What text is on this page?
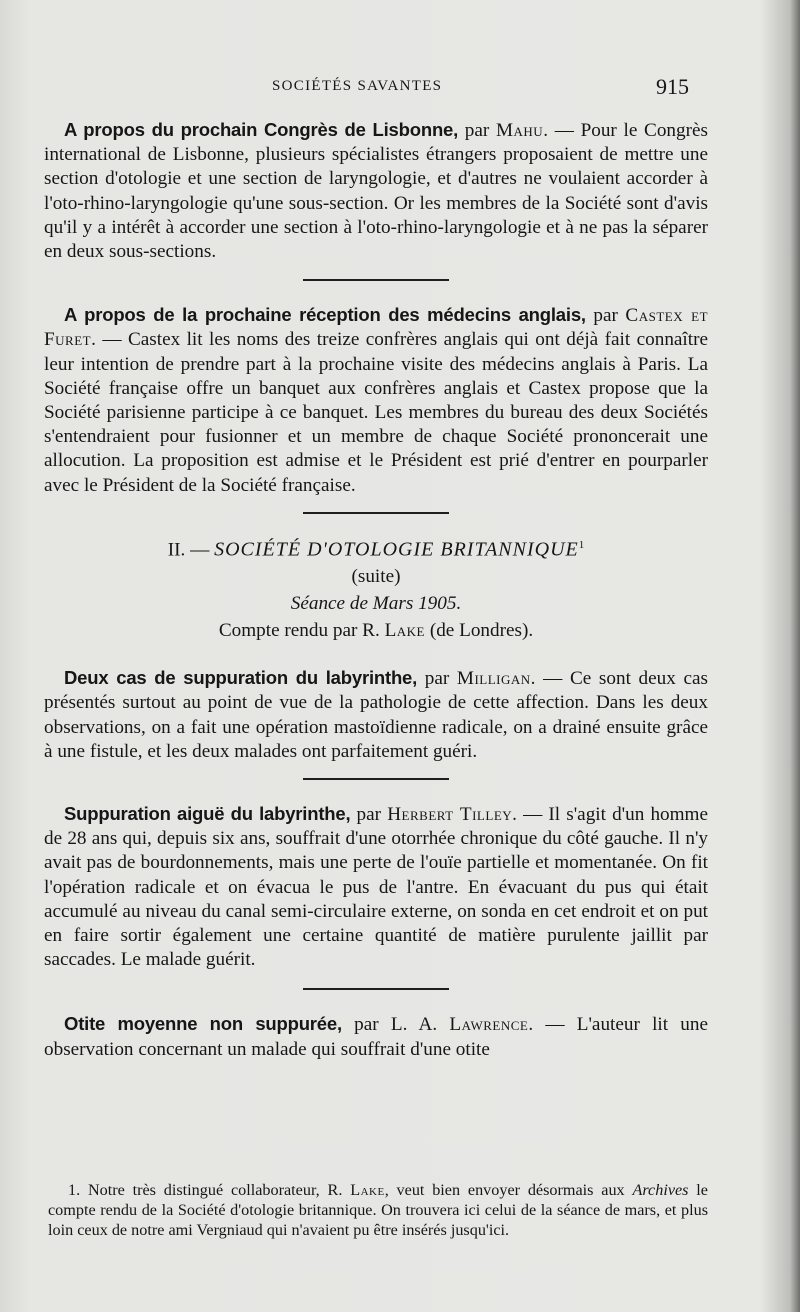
SOCIÉTÉS SAVANTES	915

A propos du prochain Congrès de Lisbonne, par Mahu. — Pour le Congrès international de Lisbonne, plusieurs spécialistes étrangers proposaient de mettre une section d'otologie et une section de laryngologie, et d'autres ne voulaient accorder à l'oto-rhino-laryngologie qu'une sous-section. Or les membres de la Société sont d'avis qu'il y a intérêt à accorder une section à l'oto-rhino-laryngologie et à ne pas la séparer en deux sous-sections.

A propos de la prochaine réception des médecins anglais, par Castex et Furet. — Castex lit les noms des treize confrères anglais qui ont déjà fait connaître leur intention de prendre part à la prochaine visite des médecins anglais à Paris. La Société française offre un banquet aux confrères anglais et Castex propose que la Société parisienne participe à ce banquet. Les membres du bureau des deux Sociétés s'entendraient pour fusionner et un membre de chaque Société prononcerait une allocution. La proposition est admise et le Président est prié d'entrer en pourparler avec le Président de la Société française.

II. — SOCIÉTÉ D'OTOLOGIE BRITANNIQUE$^1$
(suite)
Séance de Mars 1905.
Compte rendu par R. Lake (de Londres).

Deux cas de suppuration du labyrinthe, par Milligan. — Ce sont deux cas présentés surtout au point de vue de la pathologie de cette affection. Dans les deux observations, on a fait une opération mastoïdienne radicale, on a drainé ensuite grâce à une fistule, et les deux malades ont parfaitement guéri.

Suppuration aiguë du labyrinthe, par Herbert Tilley. — Il s'agit d'un homme de 28 ans qui, depuis six ans, souffrait d'une otorrhée chronique du côté gauche. Il n'y avait pas de bourdonnements, mais une perte de l'ouïe partielle et momentanée. On fit l'opération radicale et on évacua le pus de l'antre. En évacuant du pus qui était accumulé au niveau du canal semi-circulaire externe, on sonda en cet endroit et on put en faire sortir également une certaine quantité de matière purulente jaillit par saccades. Le malade guérit.

Otite moyenne non suppurée, par L. A. Lawrence. — L'auteur lit une observation concernant un malade qui souffrait d'une otite

1. Notre très distingué collaborateur, R. Lake, veut bien envoyer désormais aux Archives le compte rendu de la Société d'otologie britannique. On trouvera ici celui de la séance de mars, et plus loin ceux de notre ami Vergniaud qui n'avaient pu être insérés jusqu'ici.
